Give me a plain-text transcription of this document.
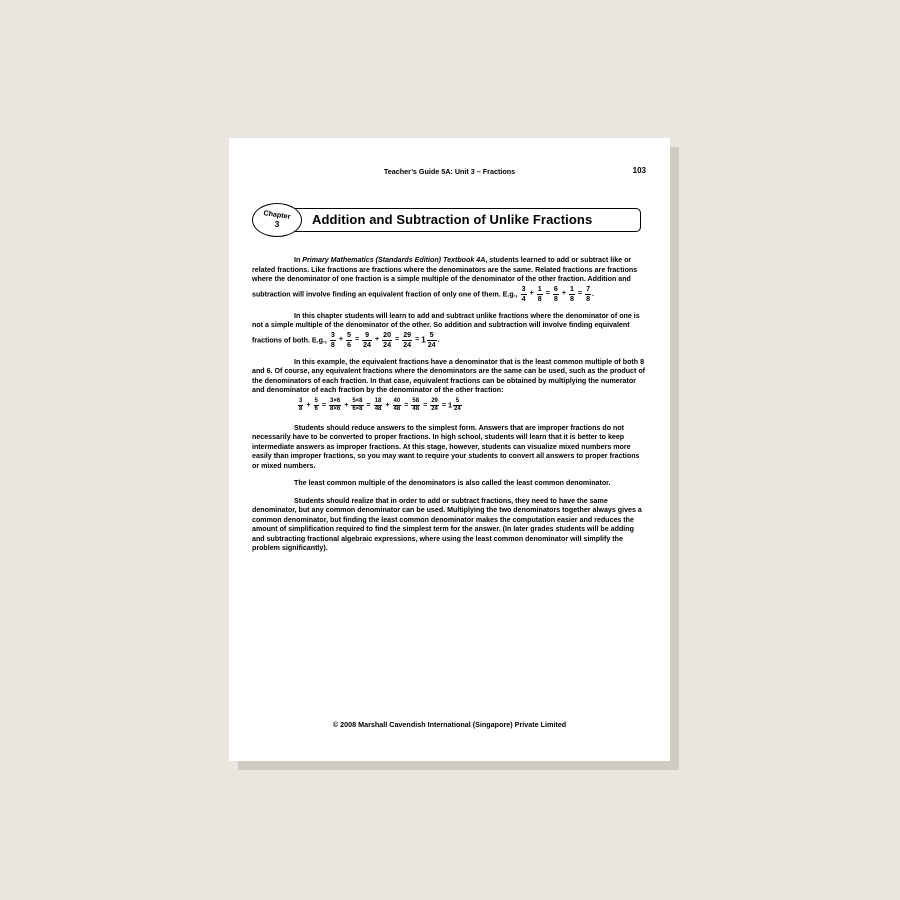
Teacher’s Guide 5A: Unit 3 – Fractions	103
Addition and Subtraction of Unlike Fractions
Chapter
3

In Primary Mathematics (Standards Edition) Textbook 4A, students learned to add or subtract like or related fractions. Like fractions are fractions where the denominators are the same. Related fractions are fractions where the denominator of one fraction is a simple multiple of the denominator of the other fraction. Addition and subtraction will involve finding an equivalent fraction of only one of them. E.g., $\frac{3}{4} + \frac{1}{8} = \frac{6}{8} + \frac{1}{8} = \frac{7}{8}$ .

In this chapter students will learn to add and subtract unlike fractions where the denominator of one is not a simple multiple of the denominator of the other. So addition and subtraction will involve finding equivalent fractions of both. E.g., $\frac{3}{8} + \frac{5}{6} = \frac{9}{24} + \frac{20}{24} = \frac{29}{24} = 1 \frac{5}{24}$ .

In this example, the equivalent fractions have a denominator that is the least common multiple of both 8 and 6. Of course, any equivalent fractions where the denominators are the same can be used, such as the product of the denominators of each fraction. In that case, equivalent fractions can be obtained by multiplying the numerator and denominator of each fraction by the denominator of the other fraction:

$\frac{3}{8} + \frac{5}{6} = \frac{3\times 6}{8\times 6} + \frac{5\times 8}{6\times 8} = \frac{18}{48} + \frac{40}{48} = \frac{58}{48} = \frac{29}{24} = 1 \frac{5}{24}$

Students should reduce answers to the simplest form. Answers that are improper fractions do not necessarily have to be converted to proper fractions. In high school, students will learn that it is better to keep intermediate answers as improper fractions. At this stage, however, students can visualize mixed numbers more easily than improper fractions, so you may want to require your students to convert all answers to proper fractions or mixed numbers.

The least common multiple of the denominators is also called the least common denominator.

Students should realize that in order to add or subtract fractions, they need to have the same denominator, but any common denominator can be used. Multiplying the two denominators together always gives a common denominator, but finding the least common denominator makes the computation easier and reduces the amount of simplification required to find the simplest term for the answer. (In later grades students will be adding and subtracting fractional algebraic expressions, where using the least common denominator will simplify the problem significantly).

© 2008 Marshall Cavendish International (Singapore) Private Limited
